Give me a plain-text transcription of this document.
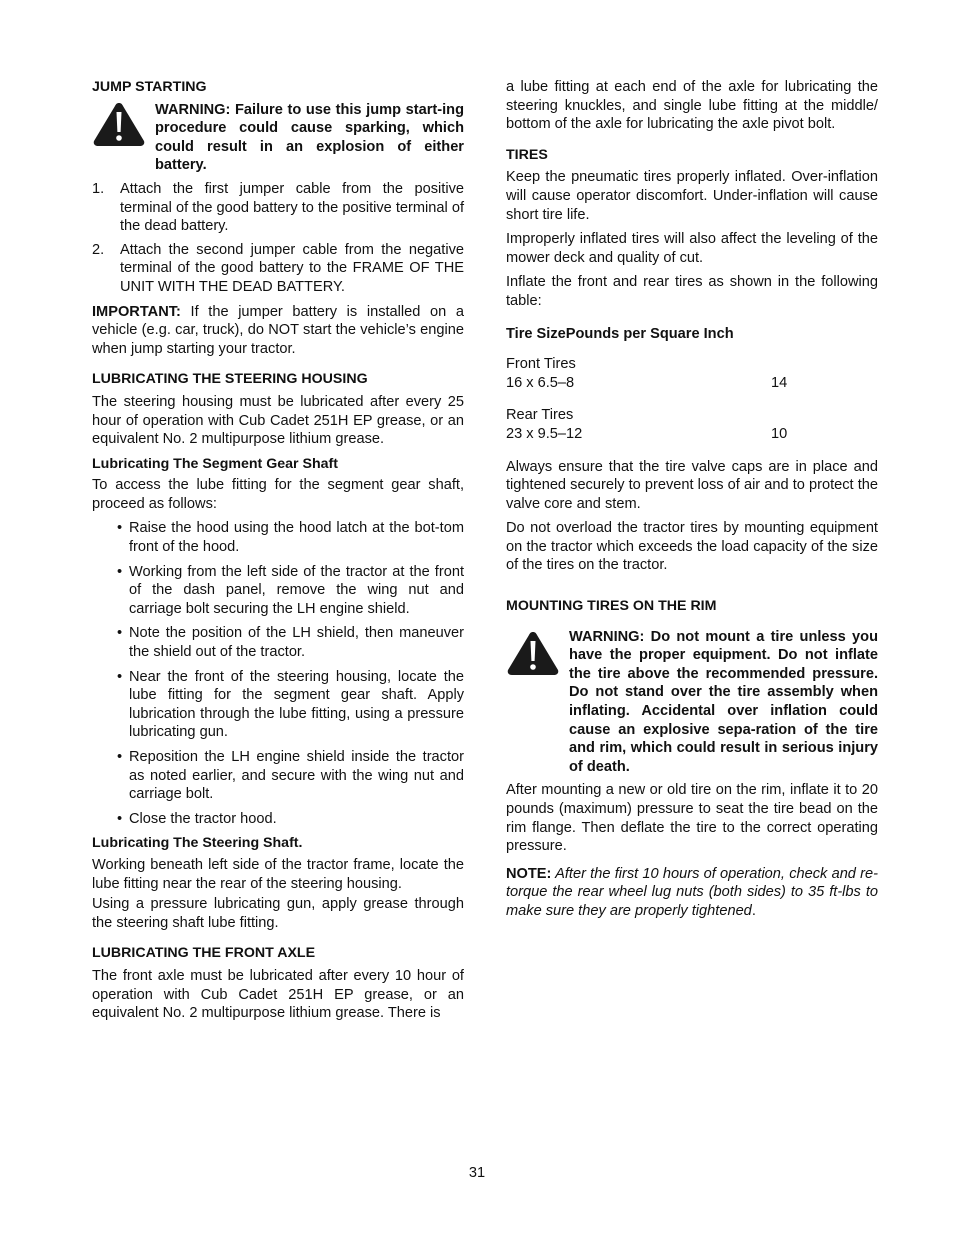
JUMP STARTING
WARNING: Failure to use this jump start-ing procedure could cause sparking, which could result in an explosion of either battery.
1.	Attach the first jumper cable from the positive terminal of the good battery to the positive terminal of the dead battery.
2.	Attach the second jumper cable from the negative terminal of the good battery to the FRAME OF THE UNIT WITH THE DEAD BATTERY.

IMPORTANT: If the jumper battery is installed on a vehicle (e.g. car, truck), do NOT start the vehicle’s engine when jump starting your tractor.

LUBRICATING THE STEERING HOUSING

The steering housing must be lubricated after every 25 hour of operation with Cub Cadet 251H EP grease, or an equivalent No. 2 multipurpose lithium grease.

Lubricating The Segment Gear Shaft

To access the lube fitting for the segment gear shaft, proceed as follows:

• Raise the hood using the hood latch at the bot-tom front of the hood.
• Working from the left side of the tractor at the front of the dash panel, remove the wing nut and carriage bolt securing the LH engine shield.
• Note the position of the LH shield, then maneuver the shield out of the tractor.
• Near the front of the steering housing, locate the lube fitting for the segment gear shaft. Apply lubrication through the lube fitting, using a pressure lubricating gun.
• Reposition the LH engine shield inside the tractor as noted earlier, and secure with the wing nut and carriage bolt.
• Close the tractor hood.
Lubricating The Steering Shaft.

Working beneath left side of the tractor frame, locate the lube fitting near the rear of the steering housing.

Using a pressure lubricating gun, apply grease through the steering shaft lube fitting.

LUBRICATING THE FRONT AXLE

The front axle must be lubricated after every 10 hour of operation with Cub Cadet 251H EP grease, or an equivalent No. 2 multipurpose lithium grease. There is

a lube fitting at each end of the axle for lubricating the steering knuckles, and single lube fitting at the middle/ bottom of the axle for lubricating the axle pivot bolt.

TIRES

Keep the pneumatic tires properly inflated. Over-inflation will cause operator discomfort. Under-inflation will cause short tire life.

Improperly inflated tires will also affect the leveling of the mower deck and quality of cut.

Inflate the front and rear tires as shown in the following table:

Tire SizePounds per Square Inch
Front Tires
16 x 6.5–8	14
Rear Tires
23 x 9.5–12	10

Always ensure that the tire valve caps are in place and tightened securely to prevent loss of air and to protect the valve core and stem.

Do not overload the tractor tires by mounting equipment on the tractor which exceeds the load capacity of the size of the tires on the tractor.

MOUNTING TIRES ON THE RIM
WARNING: Do not mount a tire unless you have the proper equipment. Do not inflate the tire above the recommended pressure. Do not stand over the tire assembly when inflating. Accidental over inflation could cause an explosive sepa-ration of the tire and rim, which could result in serious injury of death.

After mounting a new or old tire on the rim, inflate it to 20 pounds (maximum) pressure to seat the tire bead on the rim flange. Then deflate the tire to the correct operating pressure.

NOTE: After the first 10 hours of operation, check and re-torque the rear wheel lug nuts (both sides) to 35 ft-lbs to make sure they are properly tightened.

31
